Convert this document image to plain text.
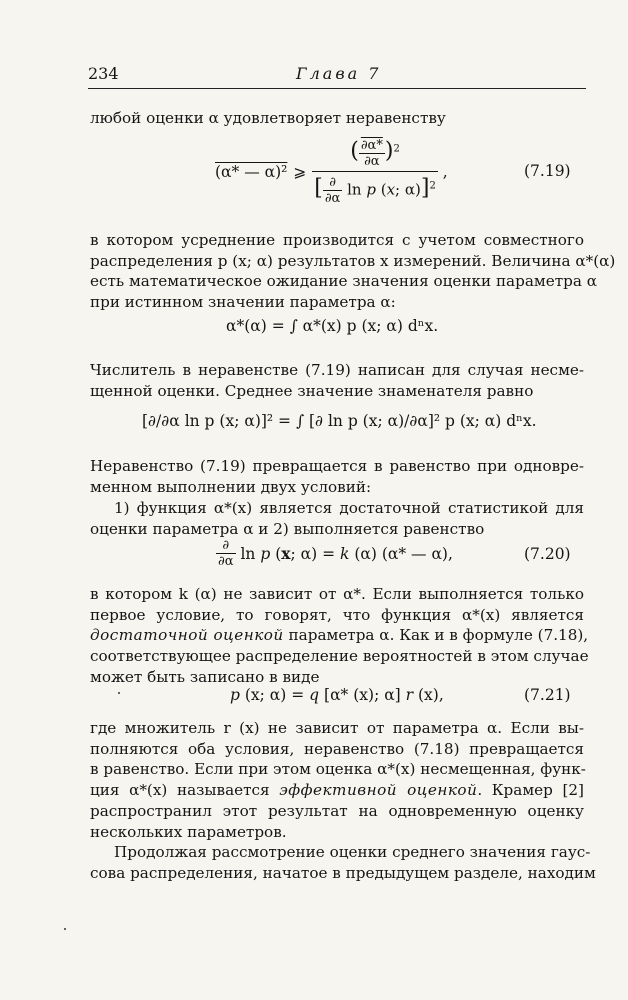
234	Глава 7
любой оценки α удовлетворяет неравенству
(α* — α)² ⩾ $\frac{( \frac{\partial\alpha*}{\partial\alpha} )^2}{[ \frac{\partial}{\partial\alpha} \ln p (x; \alpha)]^2}$ ,	(7.19)
в котором усреднение производится с учетом совместного
распределения p (x; α) результатов x измерений. Величина α*(α)
есть математическое ожидание значения оценки параметра α
при истинном значении параметра α:
α*(α) = ∫ α*(x) p (x; α) dⁿx.
Числитель в неравенстве (7.19) написан для случая несме-
щенной оценки. Среднее значение знаменателя равно
[∂/∂α ln p (x; α)]² = ∫ [∂ ln p (x; α)/∂α]² p (x; α) dⁿx.
Неравенство (7.19) превращается в равенство при одновре-
менном выполнении двух условий:
1) функция α*(x) является достаточной статистикой для
оценки параметра α и 2) выполняется равенство
$\frac{\partial}{\partial\alpha}$ ln p (x; α) = k (α) (α* — α),	(7.20)
в котором k (α) не зависит от α*. Если выполняется только
первое условие, то говорят, что функция α*(x) является
достаточной оценкой параметра α. Как и в формуле (7.18),
соответствующее распределение вероятностей в этом случае
может быть записано в виде
p (x; α) = q [α* (x); α] r (x),	(7.21)
где множитель r (x) не зависит от параметра α. Если вы-
полняются оба условия, неравенство (7.18) превращается
в равенство. Если при этом оценка α*(x) несмещенная, функ-
ция α*(x) называется эффективной оценкой. Крамер [2]
распространил этот результат на одновременную оценку
нескольких параметров.
Продолжая рассмотрение оценки среднего значения гаус-
сова распределения, начатое в предыдущем разделе, находим
